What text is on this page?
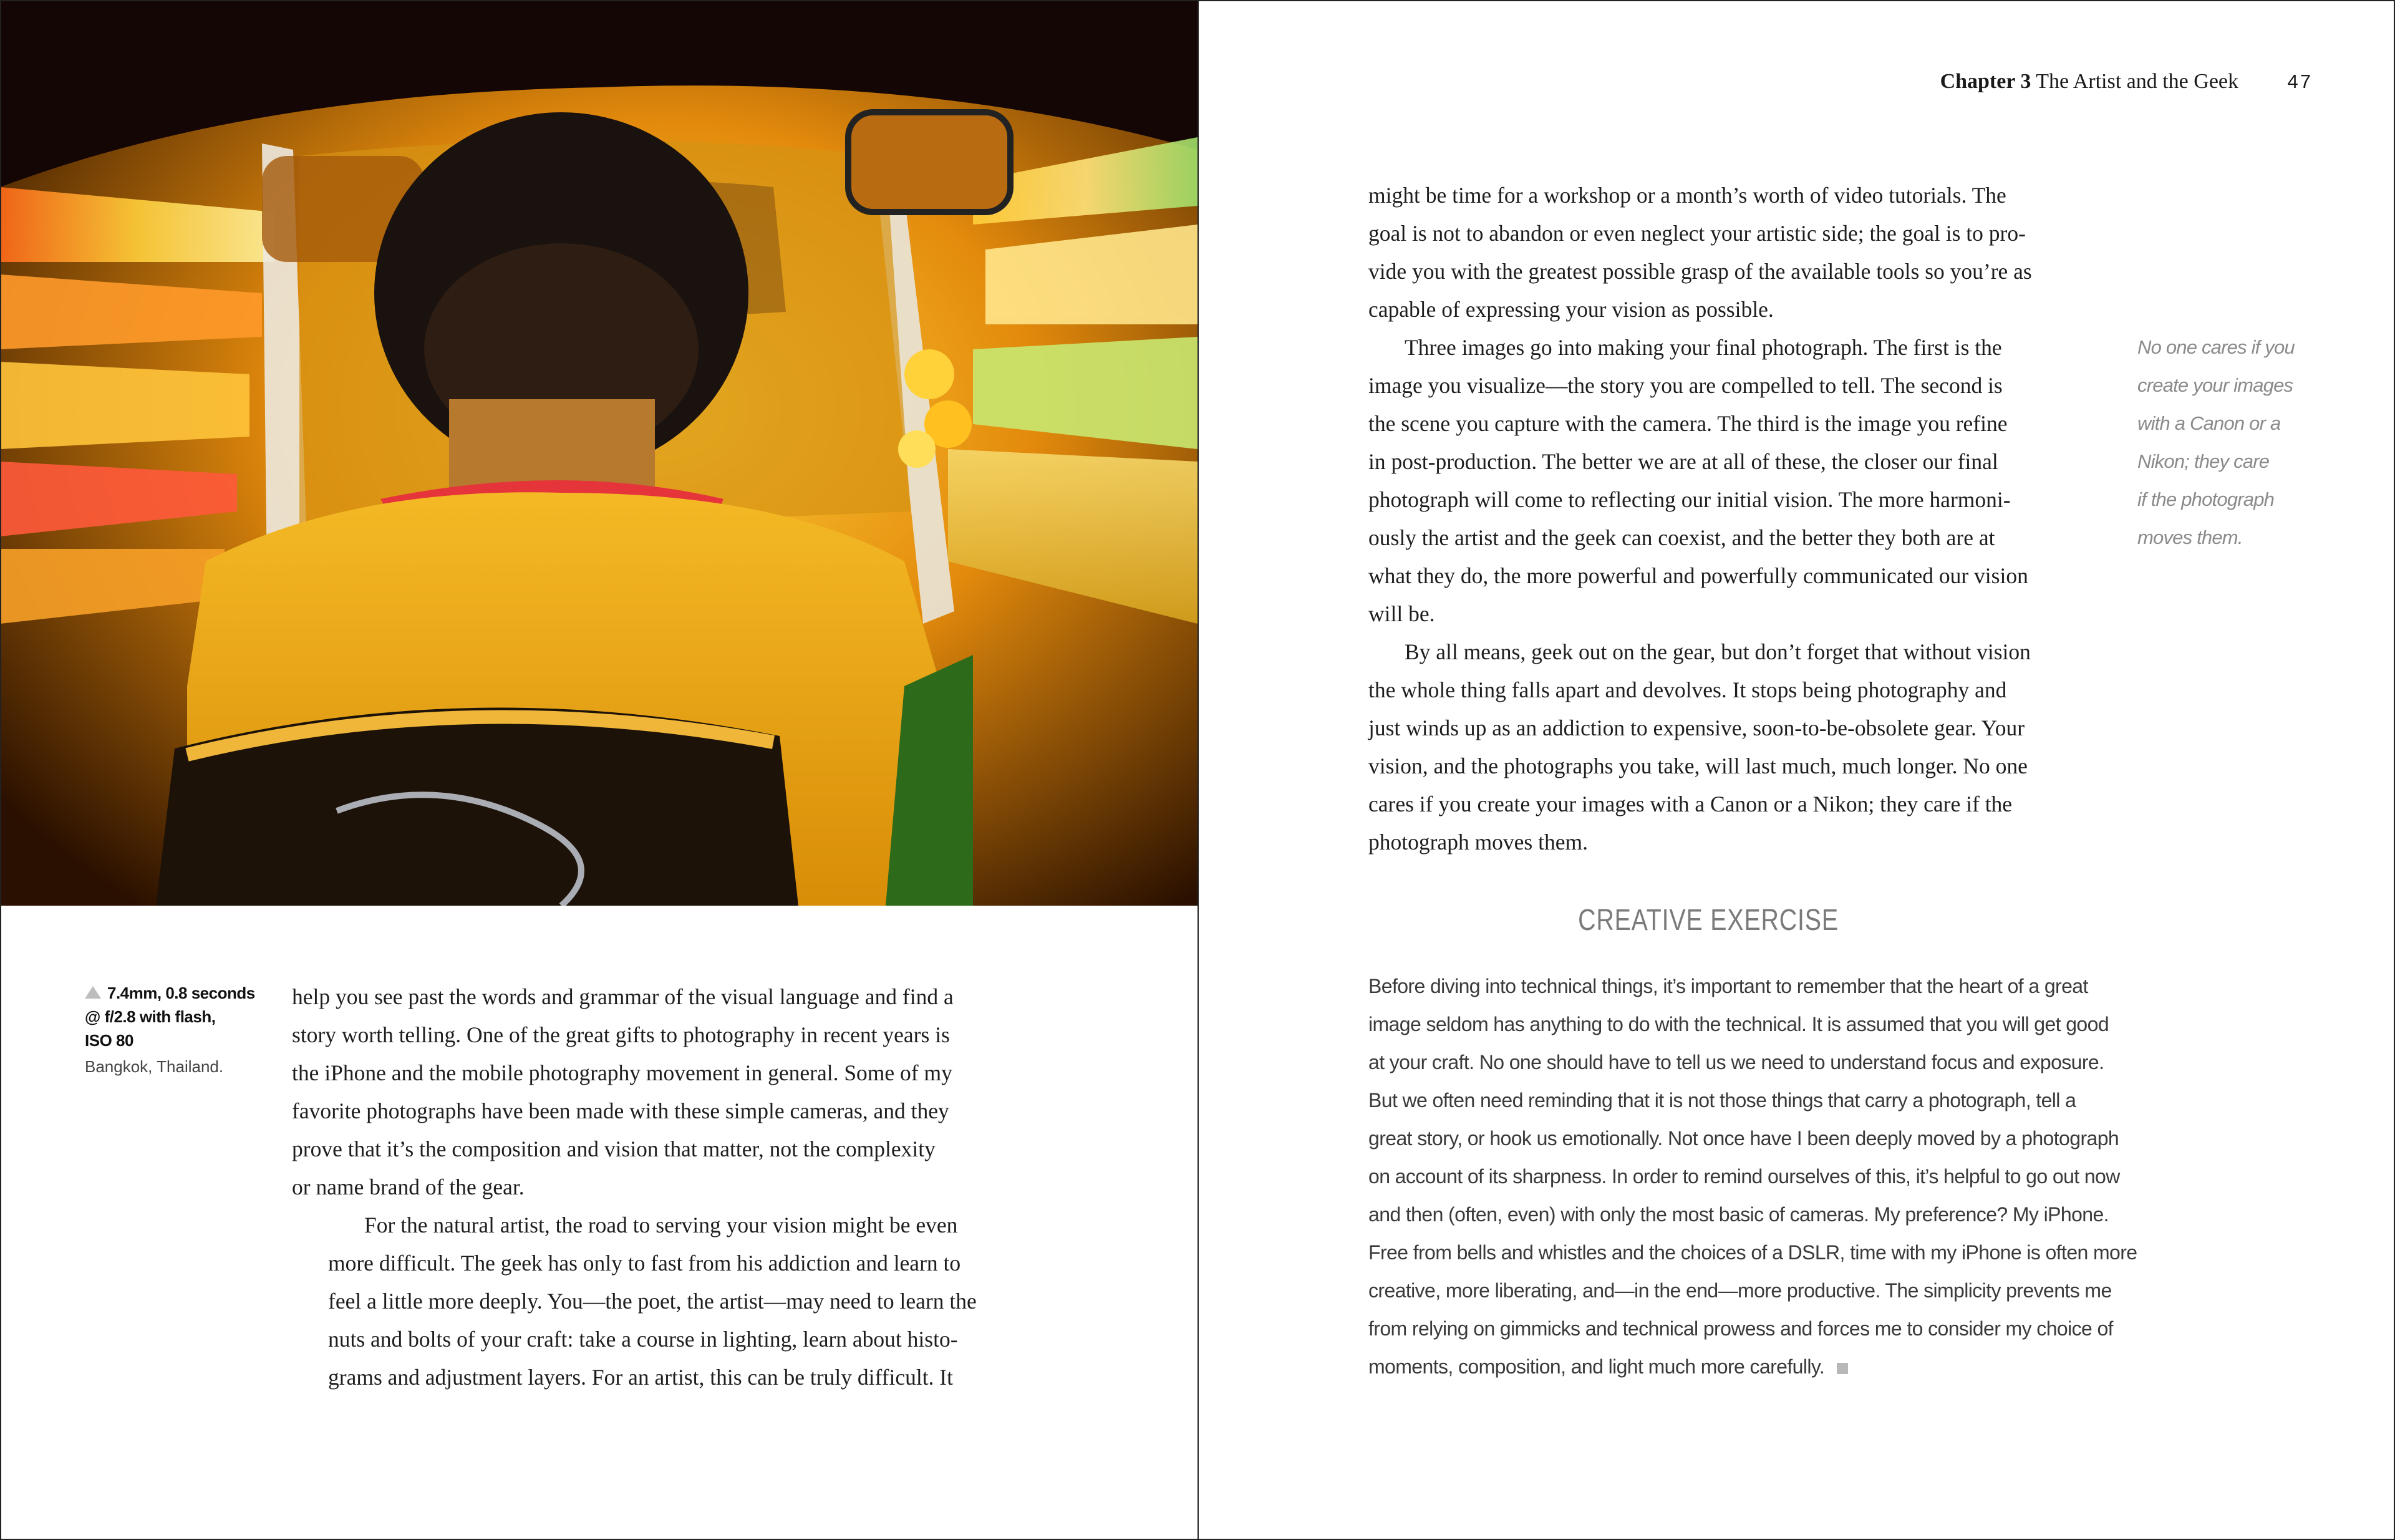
7.4mm, 0.8 seconds
@ f/2.8 with flash,
ISO 80
Bangkok, Thailand.

help you see past the words and grammar of the visual language and find a
story worth telling. One of the great gifts to photography in recent years is
the iPhone and the mobile photography movement in general. Some of my
favorite photographs have been made with these simple cameras, and they
prove that it’s the composition and vision that matter, not the complexity
or name brand of the gear.

For the natural artist, the road to serving your vision might be even
more difficult. The geek has only to fast from his addiction and learn to
feel a little more deeply. You—the poet, the artist—may need to learn the
nuts and bolts of your craft: take a course in lighting, learn about histo-
grams and adjustment layers. For an artist, this can be truly difficult. It

Chapter 3 The Artist and the Geek	47

might be time for a workshop or a month’s worth of video tutorials. The
goal is not to abandon or even neglect your artistic side; the goal is to pro-
vide you with the greatest possible grasp of the available tools so you’re as
capable of expressing your vision as possible.

Three images go into making your final photograph. The first is the
image you visualize—the story you are compelled to tell. The second is
the scene you capture with the camera. The third is the image you refine
in post-production. The better we are at all of these, the closer our final
photograph will come to reflecting our initial vision. The more harmoni-
ously the artist and the geek can coexist, and the better they both are at
what they do, the more powerful and powerfully communicated our vision
will be.

By all means, geek out on the gear, but don’t forget that without vision
the whole thing falls apart and devolves. It stops being photography and
just winds up as an addiction to expensive, soon-to-be-obsolete gear. Your
vision, and the photographs you take, will last much, much longer. No one
cares if you create your images with a Canon or a Nikon; they care if the
photograph moves them.

No one cares if you
create your images
with a Canon or a
Nikon; they care
if the photograph
moves them.
CREATIVE EXERCISE
Before diving into technical things, it’s important to remember that the heart of a great
image seldom has anything to do with the technical. It is assumed that you will get good
at your craft. No one should have to tell us we need to understand focus and exposure.
But we often need reminding that it is not those things that carry a photograph, tell a
great story, or hook us emotionally. Not once have I been deeply moved by a photograph
on account of its sharpness. In order to remind ourselves of this, it’s helpful to go out now
and then (often, even) with only the most basic of cameras. My preference? My iPhone.
Free from bells and whistles and the choices of a DSLR, time with my iPhone is often more
creative, more liberating, and—in the end—more productive. The simplicity prevents me
from relying on gimmicks and technical prowess and forces me to consider my choice of
moments, composition, and light much more carefully.
